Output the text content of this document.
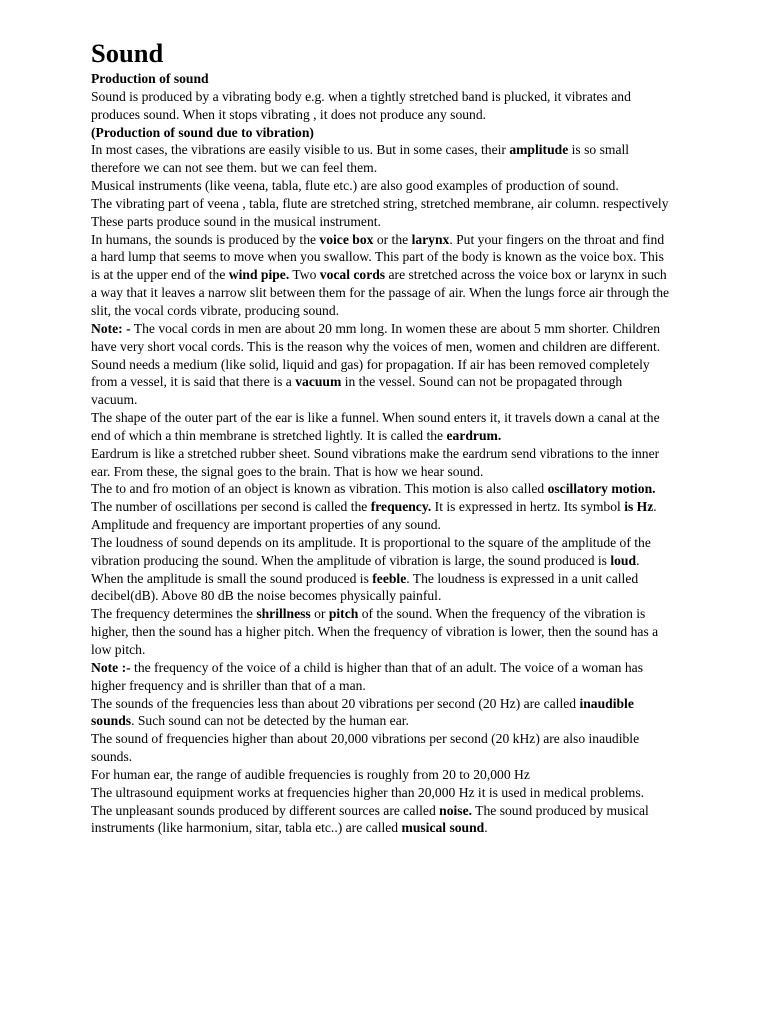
Sound

Production of sound

Sound is produced by a vibrating body e.g. when a tightly stretched band is plucked, it vibrates and produces sound. When it stops vibrating , it does not produce any sound.

(Production of sound due to vibration)

In most cases, the vibrations are easily visible to us. But in some cases, their amplitude is so small therefore we can not see them. but we can feel them.

Musical instruments (like veena, tabla, flute etc.) are also good examples of production of sound.

The vibrating part of veena , tabla, flute are stretched string, stretched membrane, air column. respectively

These parts produce sound in the musical instrument.

In humans, the sounds is produced by the voice box or the larynx. Put your fingers on the throat and find a hard lump that seems to move when you swallow. This part of the body is known as the voice box. This is at the upper end of the wind pipe. Two vocal cords are stretched across the voice box or larynx in such a way that it leaves a narrow slit between them for the passage of air. When the lungs force air through the slit, the vocal cords vibrate, producing sound.

Note: - The vocal cords in men are about 20 mm long. In women these are about 5 mm shorter. Children have very short vocal cords. This is the reason why the voices of men, women and children are different.

Sound needs a medium (like solid, liquid and gas) for propagation. If air has been removed completely from a vessel, it is said that there is a vacuum in the vessel. Sound can not be propagated through vacuum.

The shape of the outer part of the ear is like a funnel. When sound enters it, it travels down a canal at the end of which a thin membrane is stretched lightly. It is called the eardrum.

Eardrum is like a stretched rubber sheet. Sound vibrations make the eardrum send vibrations to the inner ear. From these, the signal goes to the brain. That is how we hear sound.

The to and fro motion of an object is known as vibration. This motion is also called oscillatory motion.

The number of oscillations per second is called the frequency. It is expressed in hertz. Its symbol is Hz.

Amplitude and frequency are important properties of any sound.

The loudness of sound depends on its amplitude. It is proportional to the square of the amplitude of the vibration producing the sound. When the amplitude of vibration is large, the sound produced is loud. When the amplitude is small the sound produced is feeble. The loudness is expressed in a unit called decibel(dB). Above 80 dB the noise becomes physically painful.

The frequency determines the shrillness or pitch of the sound. When the frequency of the vibration is higher, then the sound has a higher pitch. When the frequency of vibration is lower, then the sound has a low pitch.

Note :- the frequency of the voice of a child is higher than that of an adult. The voice of a woman has higher frequency and is shriller than that of a man.

The sounds of the frequencies less than about 20 vibrations per second (20 Hz) are called inaudible sounds. Such sound can not be detected by the human ear.

The sound of frequencies higher than about 20,000 vibrations per second (20 kHz) are also inaudible sounds.

For human ear, the range of audible frequencies is roughly from 20 to 20,000 Hz

The ultrasound equipment works at frequencies higher than 20,000 Hz it is used in medical problems.

The unpleasant sounds produced by different sources are called noise. The sound produced by musical instruments (like harmonium, sitar, tabla etc..) are called musical sound.
